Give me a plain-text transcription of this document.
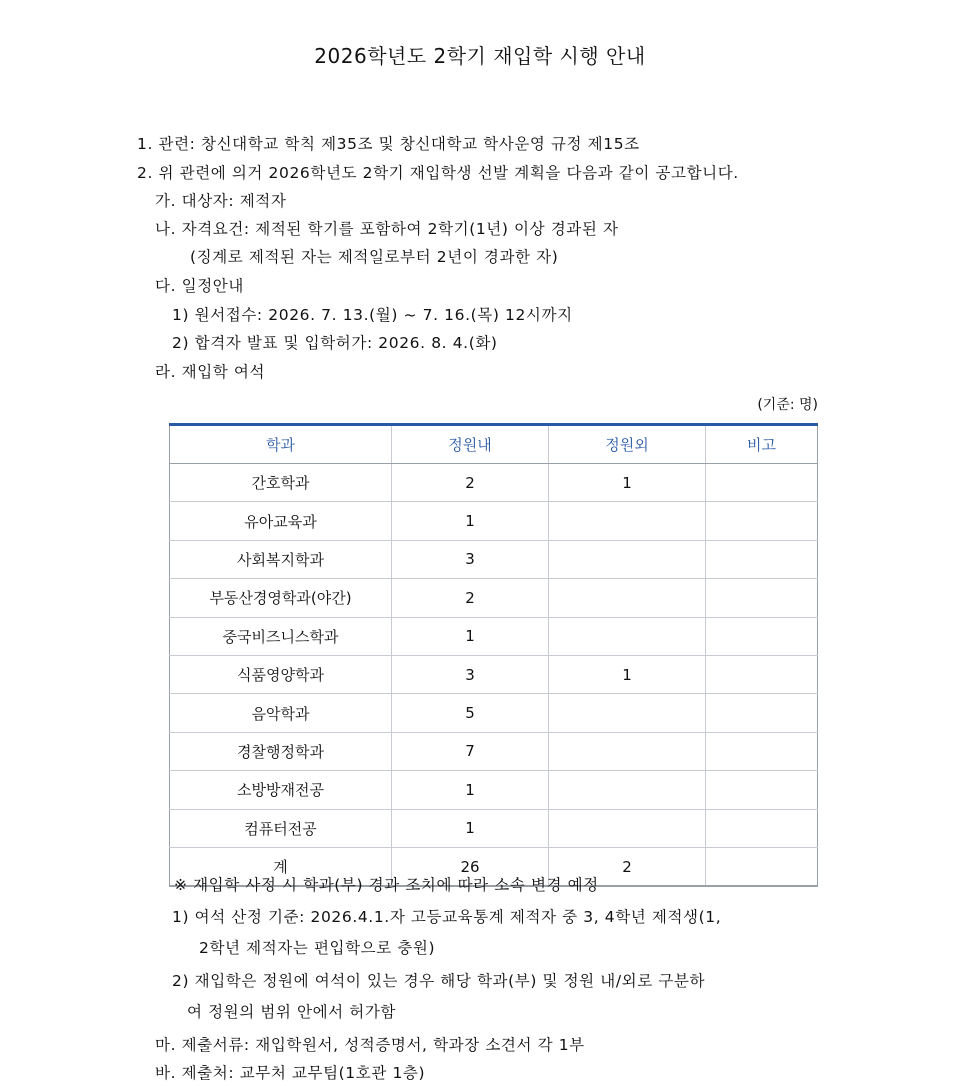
2026학년도 2학기 재입학 시행 안내
1. 관련: 창신대학교 학칙 제35조 및 창신대학교 학사운영 규정 제15조
2. 위 관련에 의거 2026학년도 2학기 재입학생 선발 계획을 다음과 같이 공고합니다.
가. 대상자: 제적자
나. 자격요건: 제적된 학기를 포함하여 2학기(1년) 이상 경과된 자
(징계로 제적된 자는 제적일로부터 2년이 경과한 자)
다. 일정안내
1) 원서접수: 2026. 7. 13.(월) ~ 7. 16.(목) 12시까지
2) 합격자 발표 및 입학허가: 2026. 8. 4.(화)
라. 재입학 여석
(기준: 명)
학과	정원내	정원외	비고
간호학과	2	1	
유아교육과	1		
사회복지학과	3		
부동산경영학과(야간)	2		
중국비즈니스학과	1		
식품영양학과	3	1	
음악학과	5		
경찰행정학과	7		
소방방재전공	1		
컴퓨터전공	1		
계	26	2	
※ 재입학 사정 시 학과(부) 경과 조치에 따라 소속 변경 예정
1) 여석 산정 기준: 2026.4.1.자 고등교육통계 제적자 중 3, 4학년 제적생(1,
2학년 제적자는 편입학으로 충원)
2) 재입학은 정원에 여석이 있는 경우 해당 학과(부) 및 정원 내/외로 구분하
여 정원의 범위 안에서 허가함
마. 제출서류: 재입학원서, 성적증명서, 학과장 소견서 각 1부
바. 제출처: 교무처 교무팀(1호관 1층)
